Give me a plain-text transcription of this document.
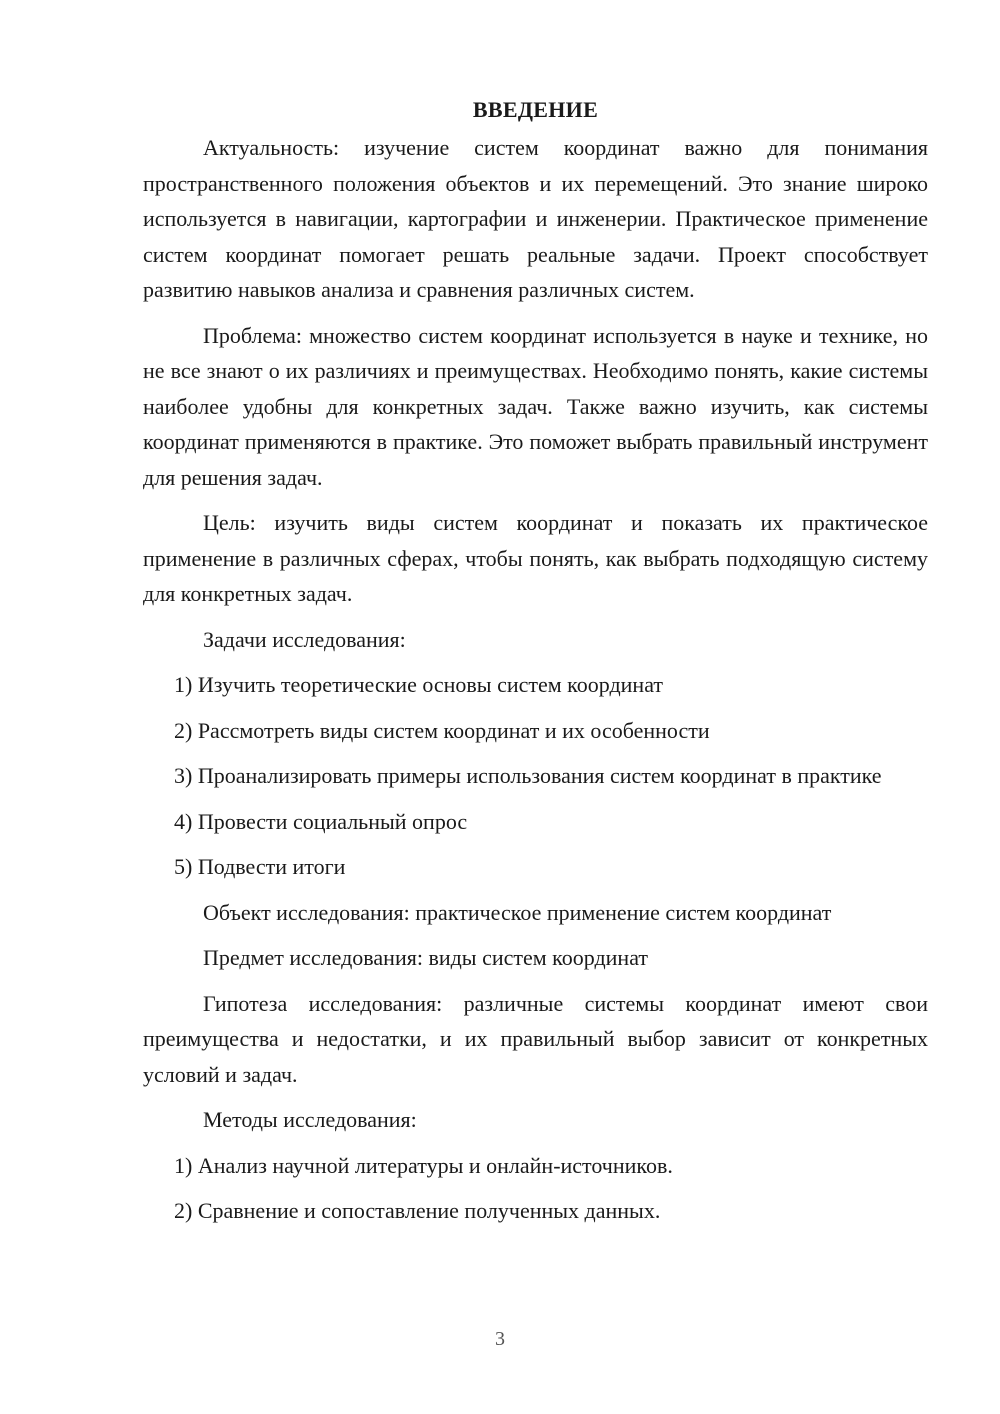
ВВЕДЕНИЕ

Актуальность: изучение систем координат важно для понимания пространственного положения объектов и их перемещений. Это знание широко используется в навигации, картографии и инженерии. Практическое применение систем координат помогает решать реальные задачи. Проект способствует развитию навыков анализа и сравнения различных систем.

Проблема: множество систем координат используется в науке и технике, но не все знают о их различиях и преимуществах. Необходимо понять, какие системы наиболее удобны для конкретных задач. Также важно изучить, как системы координат применяются в практике. Это поможет выбрать правильный инструмент для решения задач.

Цель: изучить виды систем координат и показать их практическое применение в различных сферах, чтобы понять, как выбрать подходящую систему для конкретных задач.

Задачи исследования:

1) Изучить теоретические основы систем координат

2) Рассмотреть виды систем координат и их особенности

3) Проанализировать примеры использования систем координат в практике

4) Провести социальный опрос

5) Подвести итоги

Объект исследования: практическое применение систем координат

Предмет исследования: виды систем координат

Гипотеза исследования: различные системы координат имеют свои преимущества и недостатки, и их правильный выбор зависит от конкретных условий и задач.

Методы исследования:

1) Анализ научной литературы и онлайн-источников.

2) Сравнение и сопоставление полученных данных.

3
